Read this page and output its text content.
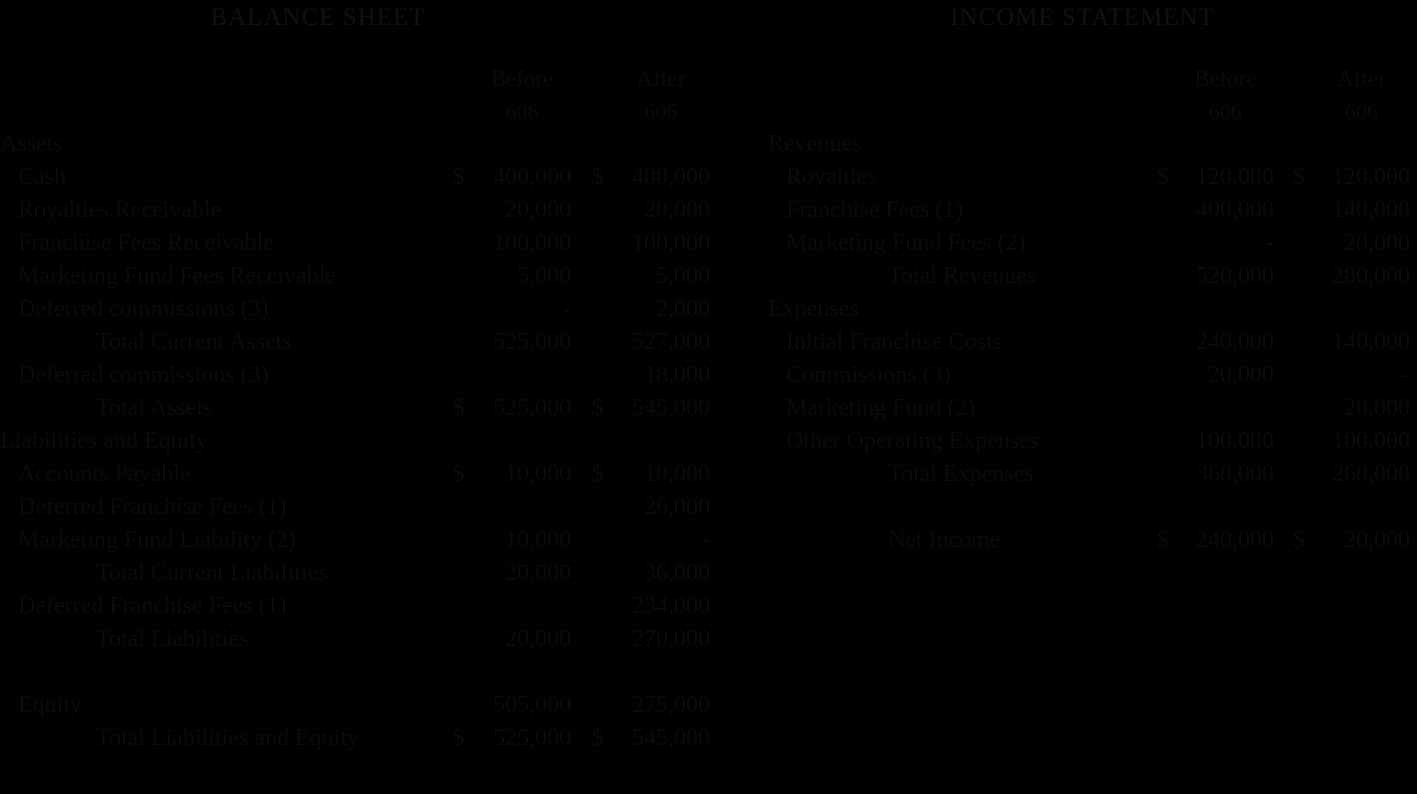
BALANCE SHEET
		Before			After
		606			606
Assets					
Cash	$	400,000		$	400,000
Royalties Receivable		20,000			20,000
Franchise Fees Receivable		100,000			100,000
Marketing Fund Fees Receivable		5,000			5,000
Deferred commissions (3)		-			2,000
Total Current Assets		525,000			527,000
Deferred commissions (3)					18,000
Total Assets	$	525,000		$	545,000
Liabilities and Equity					
Accounts Payable	$	10,000		$	10,000
Deferred Franchise Fees (1)					26,000
Marketing Fund Liability (2)		10,000			-
Total Current Liabilities		20,000			36,000
Deferred Franchise Fees (1)					234,000
Total Liabilities		20,000			270,000

Equity		505,000			275,000
Total Liabilities and Equity	$	525,000		$	545,000
INCOME STATEMENT
		Before			After
		606			606
Revenues					
Royalties	$	120,000		$	120,000
Franchise Fees (1)		400,000			140,000
Marketing Fund Fees (2)		-			20,000
Total Revenues		520,000			280,000
Expenses					
Initial Franchise Costs		240,000			140,000
Commissions (3)		20,000			-
Marketing Fund (2)					20,000
Other Operating Expenses		100,000			100,000
Total Expenses		360,000			260,000

Net Income	$	240,000		$	20,000
